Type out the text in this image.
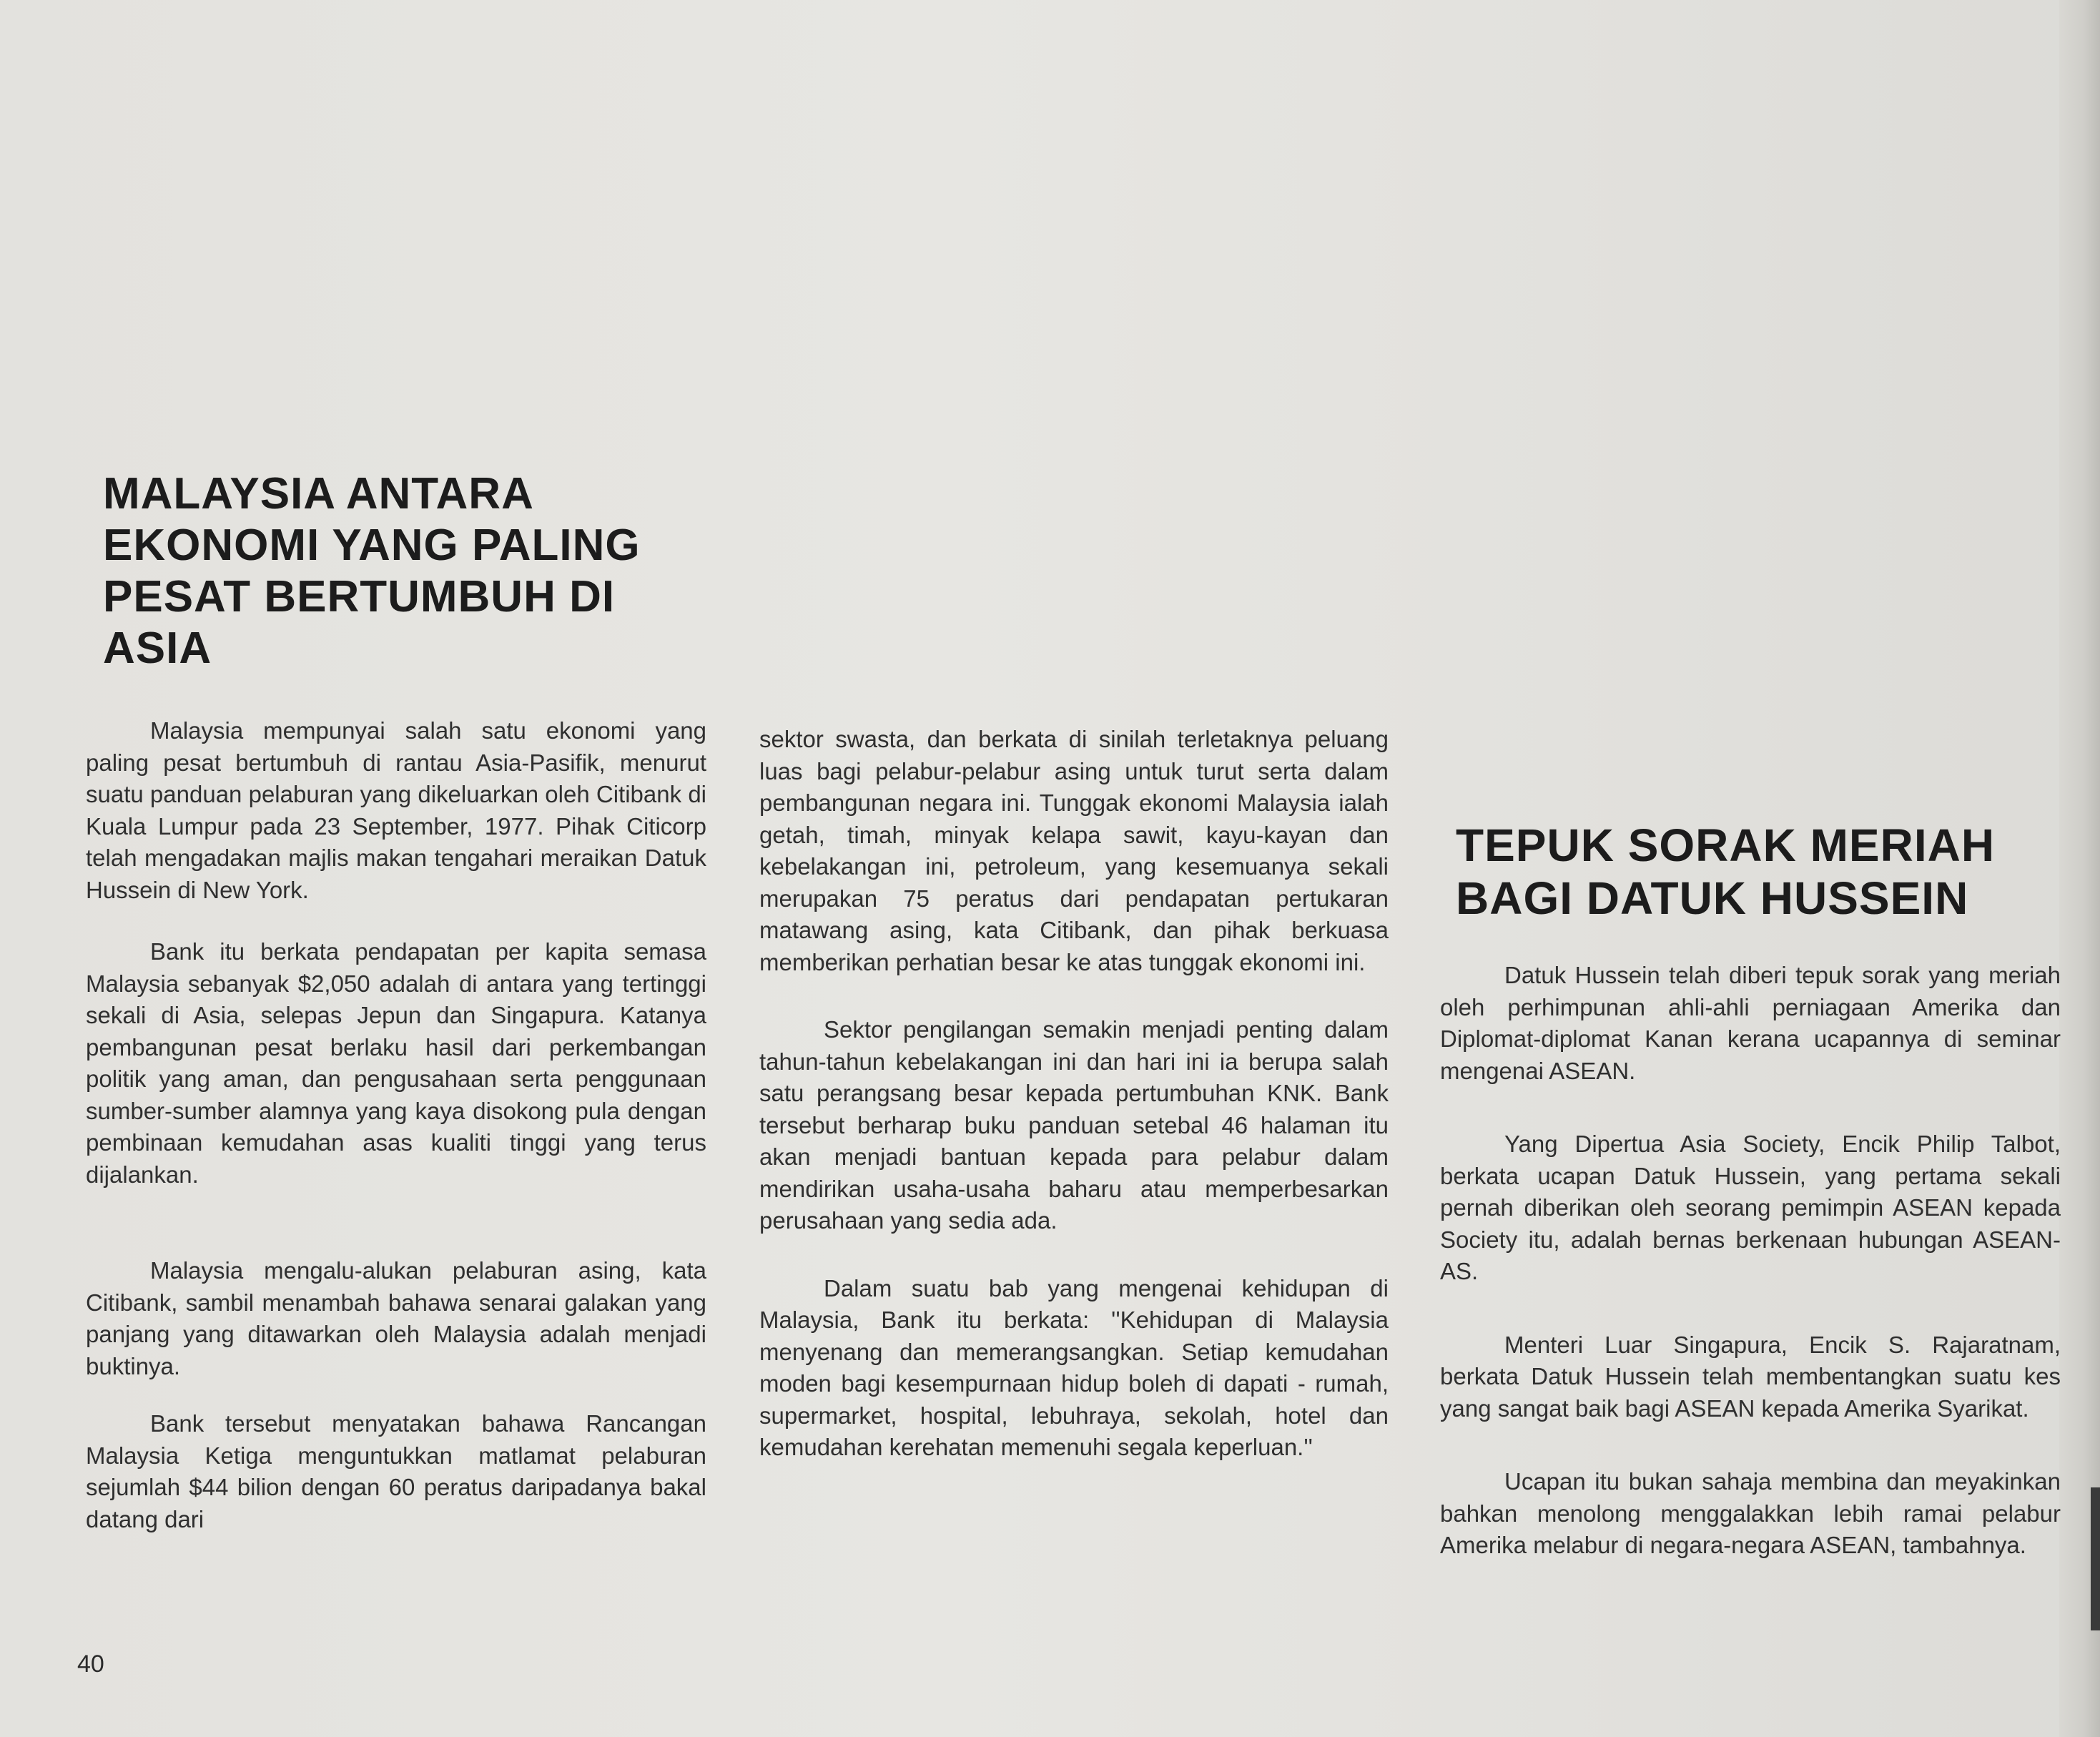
MALAYSIA ANTARA EKONOMI YANG PALING PESAT BERTUMBUH DI ASIA

Malaysia mempunyai salah satu ekonomi yang paling pesat bertumbuh di rantau Asia-Pasifik, menurut suatu panduan pelaburan yang dikeluarkan oleh Citibank di Kuala Lumpur pada 23 September, 1977. Pihak Citicorp telah mengadakan majlis makan tengahari meraikan Datuk Hussein di New York.

Bank itu berkata pendapatan per kapita semasa Malaysia sebanyak $2,050 adalah di antara yang tertinggi sekali di Asia, selepas Jepun dan Singapura. Katanya pembangunan pesat berlaku hasil dari perkembangan politik yang aman, dan pengusahaan serta penggunaan sumber-sumber alamnya yang kaya disokong pula dengan pembinaan kemudahan asas kualiti tinggi yang terus dijalankan.

Malaysia mengalu-alukan pelaburan asing, kata Citibank, sambil menambah bahawa senarai galakan yang panjang yang ditawarkan oleh Malaysia adalah menjadi buktinya.

Bank tersebut menyatakan bahawa Rancangan Malaysia Ketiga menguntukkan matlamat pelaburan sejumlah $44 bilion dengan 60 peratus daripadanya bakal datang dari

sektor swasta, dan berkata di sinilah terletaknya peluang luas bagi pelabur-pelabur asing untuk turut serta dalam pembangunan negara ini. Tunggak ekonomi Malaysia ialah getah, timah, minyak kelapa sawit, kayu-kayan dan kebelakangan ini, petroleum, yang kesemuanya sekali merupakan 75 peratus dari pendapatan pertukaran matawang asing, kata Citibank, dan pihak berkuasa memberikan perhatian besar ke atas tunggak ekonomi ini.

Sektor pengilangan semakin menjadi penting dalam tahun-tahun kebelakangan ini dan hari ini ia berupa salah satu perangsang besar kepada pertumbuhan KNK. Bank tersebut berharap buku panduan setebal 46 halaman itu akan menjadi bantuan kepada para pelabur dalam mendirikan usaha-usaha baharu atau memperbesarkan perusahaan yang sedia ada.

Dalam suatu bab yang mengenai kehidupan di Malaysia, Bank itu berkata: ''Kehidupan di Malaysia menyenang dan memerangsangkan. Setiap kemudahan moden bagi kesempurnaan hidup boleh di dapati - rumah, supermarket, hospital, lebuhraya, sekolah, hotel dan kemudahan kerehatan memenuhi segala keperluan.''

TEPUK SORAK MERIAH BAGI DATUK HUSSEIN

Datuk Hussein telah diberi tepuk sorak yang meriah oleh perhimpunan ahli-ahli perniagaan Amerika dan Diplomat-diplomat Kanan kerana ucapannya di seminar mengenai ASEAN.

Yang Dipertua Asia Society, Encik Philip Talbot, berkata ucapan Datuk Hussein, yang pertama sekali pernah diberikan oleh seorang pemimpin ASEAN kepada Society itu, adalah bernas berkenaan hubungan ASEAN-AS.

Menteri Luar Singapura, Encik S. Rajaratnam, berkata Datuk Hussein telah membentangkan suatu kes yang sangat baik bagi ASEAN kepada Amerika Syarikat.

Ucapan itu bukan sahaja membina dan meyakinkan bahkan menolong menggalakkan lebih ramai pelabur Amerika melabur di negara-negara ASEAN, tambahnya.

40
